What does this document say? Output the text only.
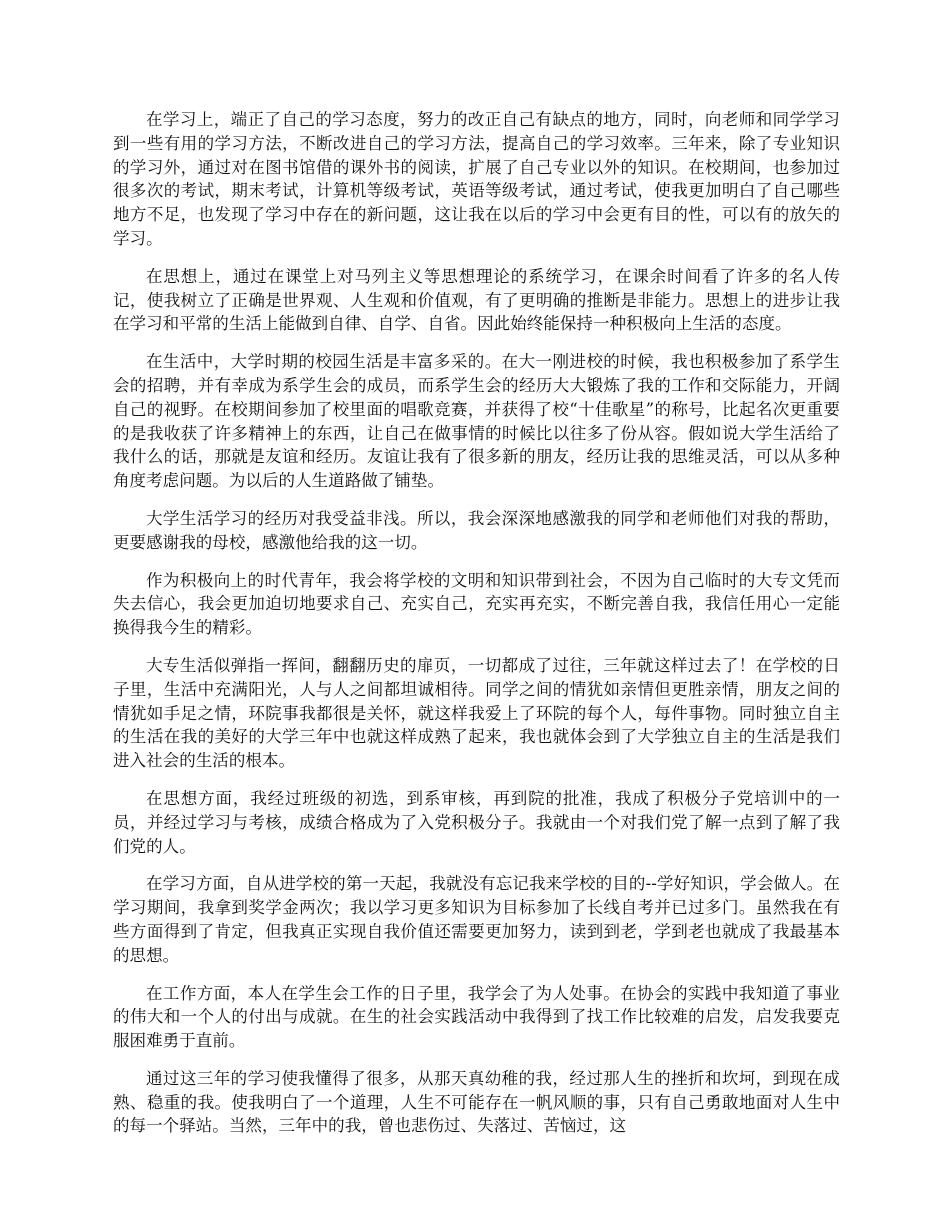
在学习上，端正了自己的学习态度，努力的改正自己有缺点的地方，同时，向老师和同学学习到一些有用的学习方法，不断改进自己的学习方法，提高自己的学习效率。三年来，除了专业知识的学习外，通过对在图书馆借的课外书的阅读，扩展了自己专业以外的知识。在校期间，也参加过很多次的考试，期末考试，计算机等级考试，英语等级考试，通过考试，使我更加明白了自己哪些地方不足，也发现了学习中存在的新问题，这让我在以后的学习中会更有目的性，可以有的放矢的学习。

在思想上，通过在课堂上对马列主义等思想理论的系统学习，在课余时间看了许多的名人传记，使我树立了正确是世界观、人生观和价值观，有了更明确的推断是非能力。思想上的进步让我在学习和平常的生活上能做到自律、自学、自省。因此始终能保持一种积极向上生活的态度。

在生活中，大学时期的校园生活是丰富多采的。在大一刚进校的时候，我也积极参加了系学生会的招聘，并有幸成为系学生会的成员，而系学生会的经历大大锻炼了我的工作和交际能力，开阔自己的视野。在校期间参加了校里面的唱歌竞赛，并获得了校“十佳歌星”的称号，比起名次更重要的是我收获了许多精神上的东西，让自己在做事情的时候比以往多了份从容。假如说大学生活给了我什么的话，那就是友谊和经历。友谊让我有了很多新的朋友，经历让我的思维灵活，可以从多种角度考虑问题。为以后的人生道路做了铺垫。

大学生活学习的经历对我受益非浅。所以，我会深深地感激我的同学和老师他们对我的帮助，更要感谢我的母校，感激他给我的这一切。

作为积极向上的时代青年，我会将学校的文明和知识带到社会，不因为自己临时的大专文凭而失去信心，我会更加迫切地要求自己、充实自己，充实再充实，不断完善自我，我信任用心一定能换得我今生的精彩。

大专生活似弹指一挥间，翻翻历史的扉页，一切都成了过往，三年就这样过去了！在学校的日子里，生活中充满阳光，人与人之间都坦诚相待。同学之间的情犹如亲情但更胜亲情，朋友之间的情犹如手足之情，环院事我都很是关怀，就这样我爱上了环院的每个人，每件事物。同时独立自主的生活在我的美好的大学三年中也就这样成熟了起来，我也就体会到了大学独立自主的生活是我们进入社会的生活的根本。

在思想方面，我经过班级的初选，到系审核，再到院的批准，我成了积极分子党培训中的一员，并经过学习与考核，成绩合格成为了入党积极分子。我就由一个对我们党了解一点到了解了我们党的人。

在学习方面，自从进学校的第一天起，我就没有忘记我来学校的目的--学好知识，学会做人。在学习期间，我拿到奖学金两次；我以学习更多知识为目标参加了长线自考并已过多门。虽然我在有些方面得到了肯定，但我真正实现自我价值还需要更加努力，读到到老，学到老也就成了我最基本的思想。

在工作方面，本人在学生会工作的日子里，我学会了为人处事。在协会的实践中我知道了事业的伟大和一个人的付出与成就。在生的社会实践活动中我得到了找工作比较难的启发，启发我要克服困难勇于直前。

通过这三年的学习使我懂得了很多，从那天真幼稚的我，经过那人生的挫折和坎坷，到现在成熟、稳重的我。使我明白了一个道理，人生不可能存在一帆风顺的事，只有自己勇敢地面对人生中的每一个驿站。当然，三年中的我，曾也悲伤过、失落过、苦恼过，这
